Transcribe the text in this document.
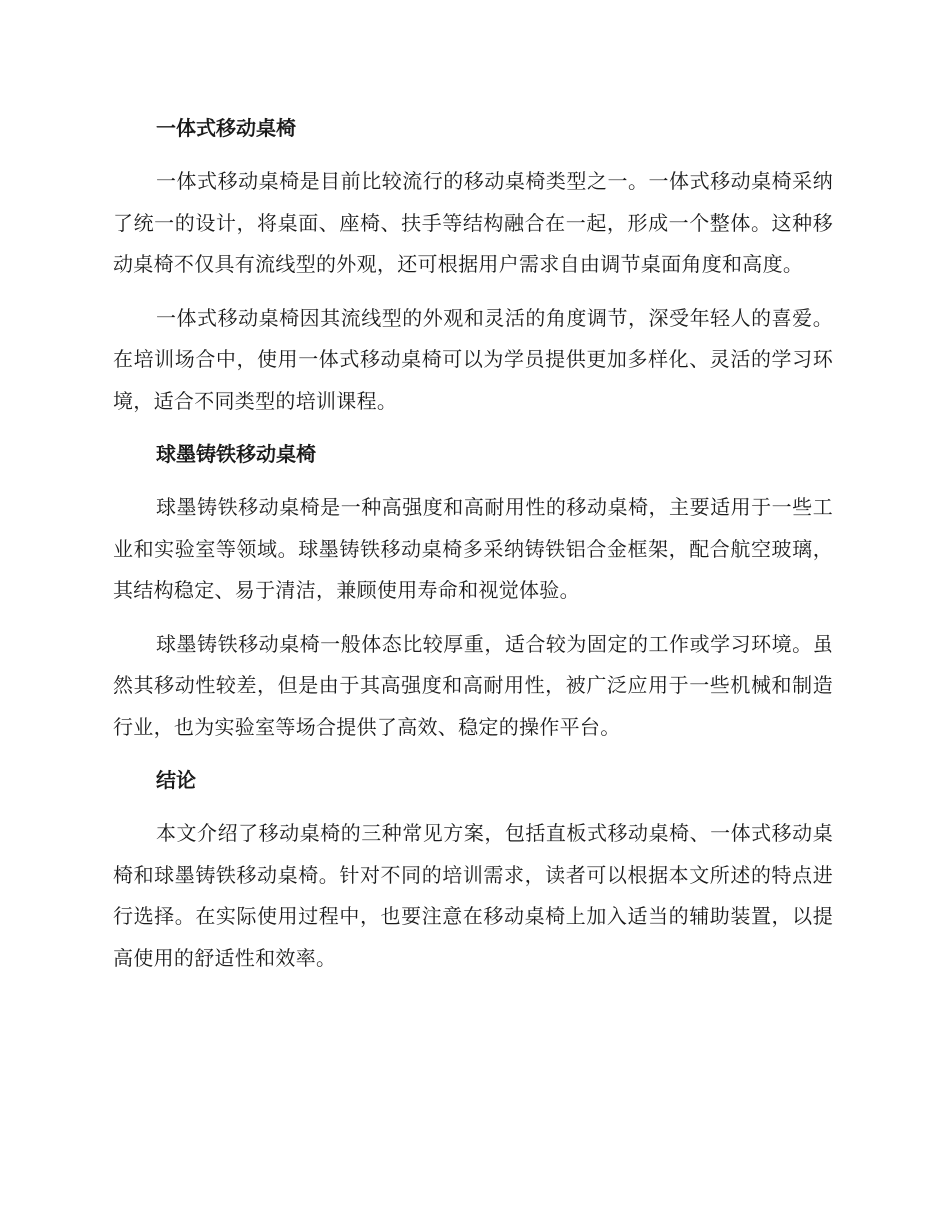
一体式移动桌椅

一体式移动桌椅是目前比较流行的移动桌椅类型之一。一体式移动桌椅采纳了统一的设计，将桌面、座椅、扶手等结构融合在一起，形成一个整体。这种移动桌椅不仅具有流线型的外观，还可根据用户需求自由调节桌面角度和高度。

一体式移动桌椅因其流线型的外观和灵活的角度调节，深受年轻人的喜爱。在培训场合中，使用一体式移动桌椅可以为学员提供更加多样化、灵活的学习环境，适合不同类型的培训课程。

球墨铸铁移动桌椅

球墨铸铁移动桌椅是一种高强度和高耐用性的移动桌椅，主要适用于一些工业和实验室等领域。球墨铸铁移动桌椅多采纳铸铁铝合金框架，配合航空玻璃，其结构稳定、易于清洁，兼顾使用寿命和视觉体验。

球墨铸铁移动桌椅一般体态比较厚重，适合较为固定的工作或学习环境。虽然其移动性较差，但是由于其高强度和高耐用性，被广泛应用于一些机械和制造行业，也为实验室等场合提供了高效、稳定的操作平台。

结论

本文介绍了移动桌椅的三种常见方案，包括直板式移动桌椅、一体式移动桌椅和球墨铸铁移动桌椅。针对不同的培训需求，读者可以根据本文所述的特点进行选择。在实际使用过程中，也要注意在移动桌椅上加入适当的辅助装置，以提高使用的舒适性和效率。
